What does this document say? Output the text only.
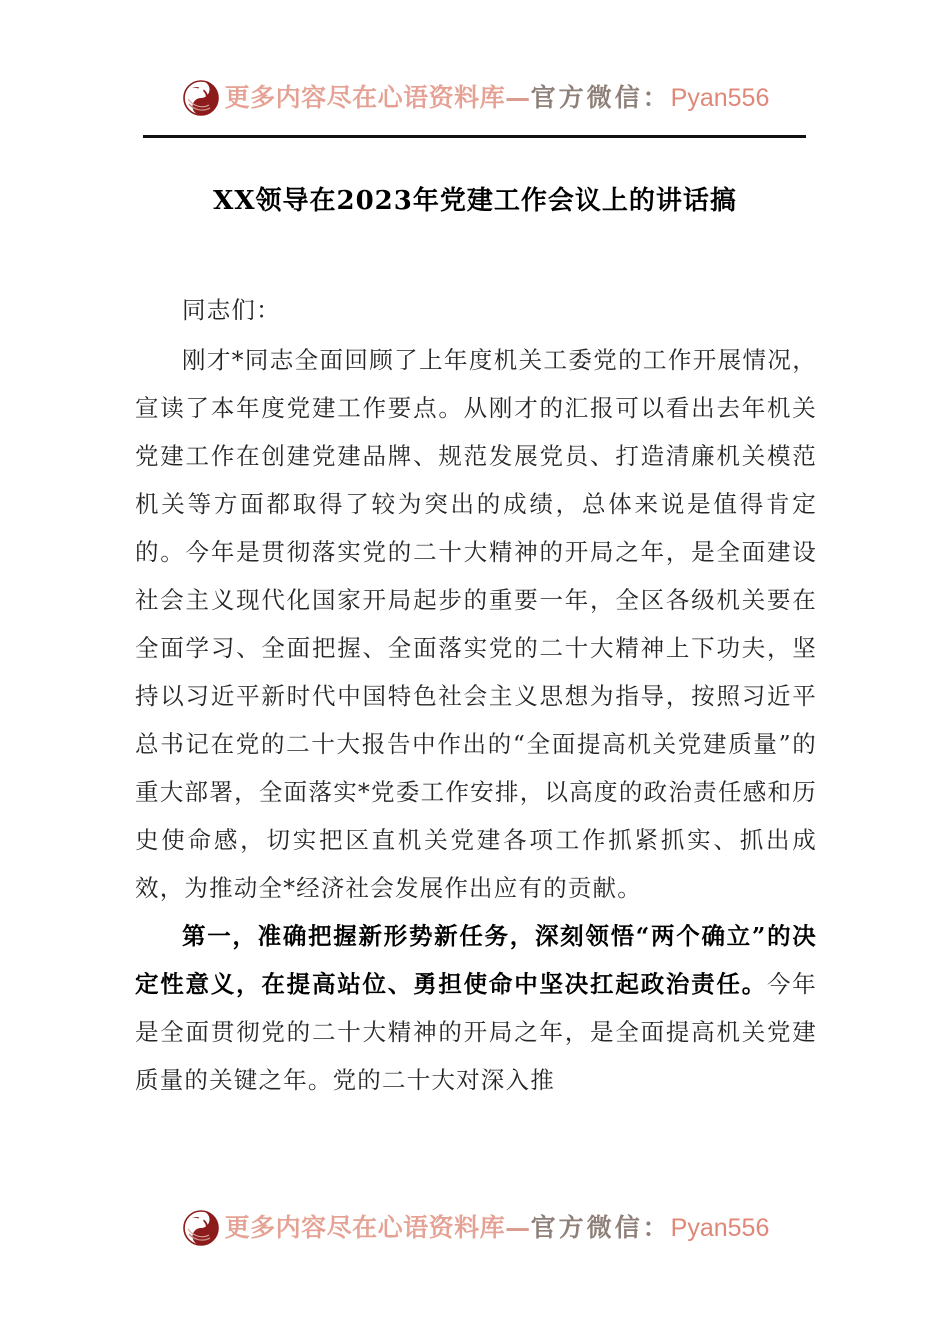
更多内容尽在心语资料库—官方微信：Pyan556
XX领导在2023年党建工作会议上的讲话搞

同志们：

刚才*同志全面回顾了上年度机关工委党的工作开展情况，宣读了本年度党建工作要点。从刚才的汇报可以看出去年机关党建工作在创建党建品牌、规范发展党员、打造清廉机关模范机关等方面都取得了较为突出的成绩，总体来说是值得肯定的。今年是贯彻落实党的二十大精神的开局之年，是全面建设社会主义现代化国家开局起步的重要一年，全区各级机关要在全面学习、全面把握、全面落实党的二十大精神上下功夫，坚持以习近平新时代中国特色社会主义思想为指导，按照习近平总书记在党的二十大报告中作出的“全面提高机关党建质量”的重大部署，全面落实*党委工作安排，以高度的政治责任感和历史使命感，切实把区直机关党建各项工作抓紧抓实、抓出成效，为推动全*经济社会发展作出应有的贡献。

第一，准确把握新形势新任务，深刻领悟“两个确立”的决定性意义，在提高站位、勇担使命中坚决扛起政治责任。今年是全面贯彻党的二十大精神的开局之年，是全面提高机关党建质量的关键之年。党的二十大对深入推

更多内容尽在心语资料库—官方微信：Pyan556
